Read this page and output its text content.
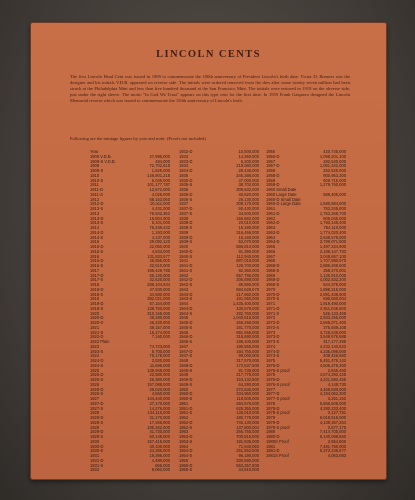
LINCOLN CENTS

The first Lincoln Head Cent was issued in 1909 to commemorate the 100th anniversary of President Lincoln's birth date. Victor D. Brenner was the designer and his initials V.D.B. appeared on reverse side. The initials were ordered removed from the dies after some twenty seven million had been struck at the Philadelphia Mint and less than five hundred thousand at the San Francisco Mint. The initials were restored in 1918 on the obverse side, just under the right sleeve. The motto "In God We Trust" appears on this type cent for the first time. In 1959 Frank Gasparro designed the Lincoln Memorial reverse which was issued to commemorate the 150th anniversary of Lincoln's birth.

Following are the mintage figures by year and mint: (Proofs not included)

Year
1909 V.D.B.	27,995,000
1909-S V.D.B.	484,000
1909	72,702,618
1909-S	1,825,000
1910	146,801,218
1910-S	6,045,000
1911	101,177,787
1911-D	12,672,000
1911-S	4,026,000
1912	68,153,060
1912-D	10,411,000
1912-S	4,431,000
1913	76,532,352
1913-D	15,804,000
1913-S	6,101,000
1914	75,238,432
1914-D	1,193,000
1914-S	4,137,000
1915	29,092,120
1915-D	22,050,000
1915-S	4,833,000
1916	131,833,677
1916-D	35,956,000
1916-S	22,510,000
1917	196,429,785
1917-D	55,120,000
1917-S	32,620,000
1918	288,104,634
1918-D	47,830,000
1918-S	34,680,000
1919	392,021,000
1919-D	57,154,000
1919-S	139,760,000
1920	310,165,000
1920-D	49,280,000
1920-S	46,220,000
1921	39,157,000
1921-S	15,274,000
1922-D	7,160,000
1922 Plain
1923	74,723,000
1923-S	8,700,000
1924	75,178,000
1924-D	2,520,000
1924-S	11,696,000
1925	139,949,000
1925-D	22,580,000
1925-S	26,380,000
1926	157,088,000
1926-D	28,020,000
1926-S	4,550,000
1927	144,440,000
1927-D	27,170,000
1927-S	14,276,000
1928	134,116,000
1928-D	31,170,000
1928-S	17,266,000
1929	185,262,000
1929-D	41,730,000
1929-S	50,148,000
1930	157,415,000
1930-D	40,100,000
1930-S	24,286,000
1931	19,396,000
1931-D	4,480,000
1931-S	866,000
1932	9,062,000
1932-D	10,500,000
1933	14,360,000
1933-D	6,200,000
1934	219,080,000
1934-D	28,446,000
1935	245,388,000
1935-D	47,000,000
1935-S	38,702,000
1936	309,632,000
1936-D	40,620,000
1936-S	29,130,000
1937	309,170,000
1937-D	50,430,000
1937-S	34,500,000
1938	156,682,000
1938-D	20,010,000
1938-S	15,180,000
1939	316,466,000
1939-D	15,160,000
1939-S	52,070,000
1940	586,810,000
1940-D	81,390,000
1940-S	112,940,000
1941	887,018,000
1941-D	128,700,000
1941-S	92,360,000
1942	657,796,000
1942-D	206,698,000
1942-S	85,590,000
1943	684,628,670
1943-D	217,660,000
1943-S	191,550,000
1944	1,435,400,000
1944-D	430,578,000
1944-S	282,760,000
1945	1,040,515,000
1945-D	266,268,000
1945-S	181,770,000
1946	991,655,000
1946-D	315,690,000
1946-S	198,100,000
1947	190,555,000
1947-D	194,750,000
1947-S	99,000,000
1948	317,570,000
1948-D	172,637,500
1948-S	81,735,000
1949	217,775,000
1949-D	153,132,500
1949-S	64,290,000
1950	272,635,000
1950-D	334,950,000
1950-S	118,505,000
1951	284,576,000
1951-D	625,355,000
1951-S	136,010,000
1952	186,775,000
1952-D	746,130,000
1952-S	137,800,004
1953	256,755,000
1953-D	700,515,000
1953-S	181,835,000
1954	71,640,050
1954-D	251,552,500
1954-S	96,190,000
1955	330,580,000
1955-D	563,257,500
1955-S	44,610,000
1956	420,745,000
1956-D	1,098,201,100
1957	282,540,000
1957-D	1,051,342,000
1958	252,525,000
1958-D	800,953,300
1959	609,715,000
1959-D	1,279,760,000
1960 Small Date
1960 Large Date	586,405,000
1960-D Small Date
1960-D Large Date	1,580,884,000
1961	753,345,000
1961-D	1,753,266,700
1962	606,045,000
1962-D	1,793,148,400
1963	754,110,000
1963-D	1,774,020,400
1964	2,648,575,000
1964-D	3,799,071,500
1965	1,497,224,900
1966	2,188,147,783
1967	3,048,667,100
1968	1,707,880,970
1968-D	2,886,269,600
1968-S	258,270,001
1969	1,136,910,000
1969-D	4,002,832,200
1969-S	544,375,000
1970	1,898,315,000
1970-D	2,891,438,900
1970-S	690,560,004
1971	1,919,490,000
1971-D	2,911,045,600
1971-S	525,133,459
1972	2,933,255,000
1972-D	2,665,071,400
1972-S	376,939,108
1973	3,728,245,000
1973-D	3,549,576,588
1973-S	317,177,295
1974	4,232,140,523
1974-D	4,235,098,000
1974-S	409,426,660
1975	5,451,476,142
1975-D	4,505,275,300
1975-S proof	2,845,450
1976	4,674,292,426
1976-D	4,221,592,455
1976-S proof	4,149,730
1977	4,469,930,000
1977-D	4,194,062,300
1977-S proof	3,251,152
1978	5,558,605,000
1978-D	4,280,233,400
1978-S proof	3,127,781
1979	6,018,515,000
1979-D	4,139,357,254
1979-S proof	3,677,175
1980	7,414,705,000
1980-D	5,140,098,660
1980S Proof	3,554,806
1981	7,491,750,000
1981-D	5,373,235,677
1981S Proof	4,063,083
